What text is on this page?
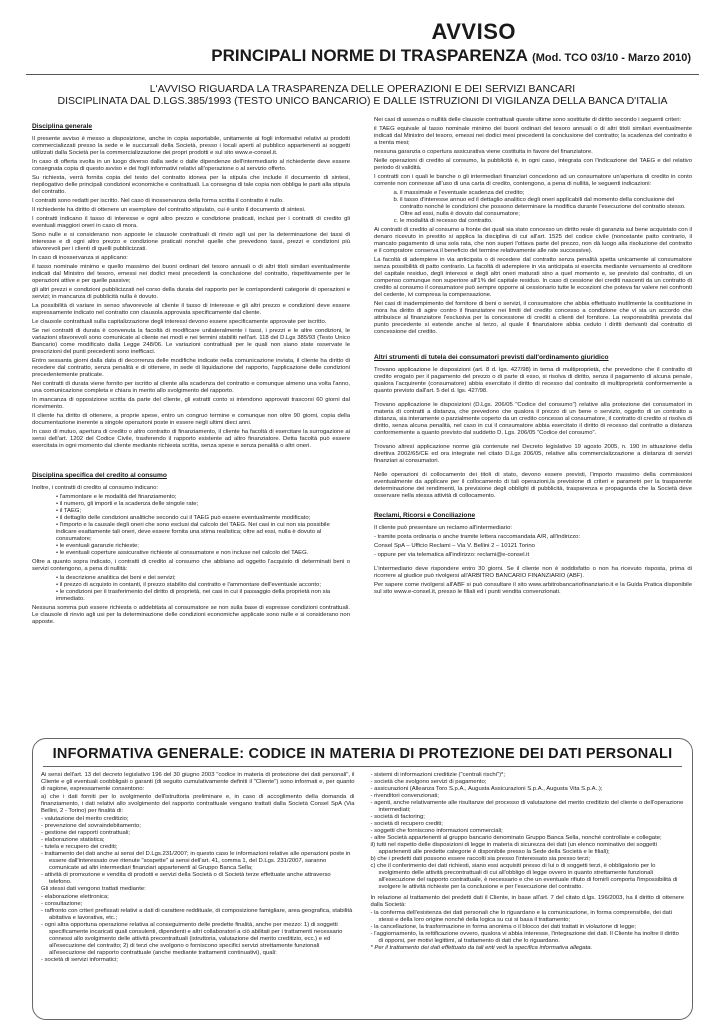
AVVISO
PRINCIPALI NORME DI TRASPARENZA (Mod. TCO 03/10 - Marzo 2010)
L'AVVISO RIGUARDA LA TRASPARENZA DELLE OPERAZIONI E DEI SERVIZI BANCARI
DISCIPLINATA DAL D.LGS.385/1993 (TESTO UNICO BANCARIO) E DALLE ISTRUZIONI DI VIGILANZA DELLA BANCA D'ITALIA
Disciplina generale

Il presente avviso è messo a disposizione, anche in copia asportabile, unitamente ai fogli informativi relativi ai prodotti commercializzati presso la sede e le succursali della Società, presso i locali aperti al pubblico appartenenti ai soggetti utilizzati dalla Società per la commercializzazione dei propri prodotti e sul sito www.e-consel.it.

In caso di offerta svolta in un luogo diverso dalla sede o dalle dipendenze dell'intermediario al richiedente deve essere consegnata copia di questo avviso e dei fogli informativi relativi all'operazione o al servizio offerto.

Su richiesta, verrà fornita copia del testo del contratto idonea per la stipula che include il documento di sintesi, riepilogativo delle principali condizioni economiche e contrattuali. La consegna di tale copia non obbliga le parti alla stipula del contratto.

I contratti sono redatti per iscritto. Nel caso di inosservanza della forma scritta il contratto è nullo.

Il richiedente ha diritto di ottenere un esemplare del contratto stipulato, cui è unito il documento di sintesi.

I contratti indicano il tasso di interesse e ogni altro prezzo e condizione praticati, inclusi per i contratti di credito gli eventuali maggiori oneri in caso di mora.

Sono nulle e si considerano non apposte le clausole contrattuali di rinvio agli usi per la determinazione dei tassi di interesse e di ogni altro prezzo e condizione praticati nonché quelle che prevedono tassi, prezzi e condizioni più sfavorevoli per i clienti di quelli pubblicizzati.

In caso di inosservanza si applicano:

il tasso nominale minimo e quello massimo dei buoni ordinari del tesoro annuali o di altri titoli similari eventualmente indicati dal Ministro del tesoro, emessi nei dodici mesi precedenti la conclusione del contratto, rispettivamente per le operazioni attive e per quelle passive;

gli altri prezzi e condizioni pubblicizzati nel corso della durata del rapporto per le corrispondenti categorie di operazioni e servizi; in mancanza di pubblicità nulla è dovuto.

La possibilità di variare in senso sfavorevole al cliente il tasso di interesse e gli altri prezzo e condizioni deve essere espressamente indicato nel contratto con clausola approvata specificamente dal cliente.

Le clausole contrattuali sulla capitalizzazione degli interessi devono essere specificamente approvate per iscritto.

Se nei contratti di durata è convenuta la facoltà di modificare unilateralmente i tassi, i prezzi e le altre condizioni, le variazioni sfavorevoli sono comunicate al cliente nei modi e nei termini stabiliti nell'art. 118 del D.Lgs 385/93 (Testo Unico Bancario) come modificato dalla Legge 248/06. Le variazioni contrattuali per le quali non siano state osservate le prescrizioni del punti precedenti sono inefficaci.

Entro sessanta giorni dalla data di decorrenza delle modifiche indicate nella comunicazione inviata, il cliente ha diritto di recedere dal contratto, senza penalità e di ottenere, in sede di liquidazione del rapporto, l'applicazione delle condizioni precedentemente praticate.

Nei contratti di durata viene fornito per iscritto al cliente alla scadenza del contratto e comunque almeno una volta l'anno, una comunicazione completa e chiara in merito allo svolgimento del rapporto.

In mancanza di opposizione scritta da parte del cliente, gli estratti conto si intendono approvati trascorsi 60 giorni dal ricevimento.

Il cliente ha diritto di ottenere, a proprie spese, entro un congruo termine e comunque non oltre 90 giorni, copia della documentazione inerente a singole operazioni poste in essere negli ultimi dieci anni.

In caso di mutuo, apertura di credito o altro contratto di finanziamento, il cliente ha facoltà di esercitare la surrogazione ai sensi dell'art. 1202 del Codice Civile, trasferendo il rapporto esistente ad altro finanziatore. Detta facoltà può essere esercitata in ogni momento dal cliente mediante richiesta scritta, senza spese e senza penalità o altri oneri.

Disciplina specifica del credito al consumo

Inoltre, i contratti di credito al consumo indicano:

• l'ammontare e le modalità del finanziamento;
• il numero, gli importi e la scadenza delle singole rate;
• il TAEG;
• il dettaglio delle condizioni analitiche secondo cui il TAEG può essere eventualmente modificato;
• l'importo e la causale degli oneri che sono esclusi dal calcolo del TAEG. Nei casi in cui non sia possibile indicare esattamente tali oneri, deve essere fornita una stima realistica; oltre ad essi, nulla è dovuto al consumatore;
• le eventuali garanzie richieste;
• le eventuali coperture assicurative richieste al consumatore e non incluse nel calcolo del TAEG.

Oltre a quanto sopra indicato, i contratti di credito al consumo che abbiano ad oggetto l'acquisto di determinati beni o servizi contengono, a pena di nullità:

• la descrizione analitica dei beni e dei servizi;
• il prezzo di acquisto in contanti, il prezzo stabilito dal contratto e l'ammontare dell'eventuale acconto;
• le condizioni per il trasferimento del diritto di proprietà, nei casi in cui il passaggio della proprietà non sia immediato.

Nessuna somma può essere richiesta o addebitata al consumatore se non sulla base di espresse condizioni contrattuali. Le clausole di rinvio agli usi per la determinazione delle condizioni economiche applicate sono nulle e si considerano non apposte.

Nei casi di assenza o nullità delle clausole contrattuali queste ultime sono sostituite di diritto secondo i seguenti criteri:

il TAEG equivale al tasso nominale minimo dei buoni ordinari del tesoro annuali o di altri titoli similari eventualmente indicati dal Ministro del tesoro, emessi nei dodici mesi precedenti la conclusione del contratto; la scadenza del contratto è a trenta mesi;

nessuna garanzia o copertura assicurativa viene costituita in favore del finanziatore.

Nelle operazioni di credito al consumo, la pubblicità è, in ogni caso, integrata con l'indicazione del TAEG e del relativo periodo di validità.

I contratti con i quali le banche o gli intermediari finanziari concedono ad un consumatore un'apertura di credito in conto corrente non connesse all'uso di una carta di credito, contengono, a pena di nullità, le seguenti indicazioni:

a. il massimale e l'eventuale scadenza del credito;
b. il tasso d'interesse annuo ed il dettaglio analitico degli oneri applicabili dal momento della conclusione del contratto nonché le condizioni che possono determinare la modifica durante l'esecuzione del contratto stesso. Oltre ad essi, nulla è dovuto dal consumatore;
c. le modalità di recesso dal contratto.

Ai contratti di credito al consumo a fronte dei quali sia stato concesso un diritto reale di garanzia sul bene acquistato con il denaro ricevuto in prestito si applica la disciplina di cui all'art. 1525 del codice civile (nonostante patto contrario, il mancato pagamento di una sola rata, che non superi l'ottava parte del prezzo, non dà luogo alla risoluzione del contratto e il compratore conserva il beneficio del termine relativamente alle rate successive).

La facoltà di adempiere in via anticipata o di recedere dal contratto senza penalità spetta unicamente al consumatore senza possibilità di patto contrario. La facoltà di adempiere in via anticipata si esercita mediante versamento al creditore del capitale residuo, degli interessi e degli altri oneri maturati sino a quel momento e, se previsto dal contratto, di un compenso comunque non superiore all'1% del capitale residuo. In caso di cessione dei crediti nascenti da un contratto di credito al consumo il consumatore può sempre opporre al cessionario tutte le eccezioni che poteva far valere nei confronti del cedente, ivi compresa la compensazione.

Nei casi di inadempimento del fornitore di beni o servizi, il consumatore che abbia effettuato inutilmente la costituzione in mora ha diritto di agire contro il finanziatore nei limiti del credito concesso a condizione che vi sia un accordo che attribuisce al finanziatore l'esclusiva per la concessione di crediti a clienti del fornitore. La responsabilità prevista dal punto precedente si estende anche al terzo, al quale il finanziatore abbia ceduto i diritti derivanti dal contratto di concessione del credito.

Altri strumenti di tutela dei consumatori previsti dall'ordinamento giuridico

Trovano applicazione le disposizioni (art. 8 d. lgs. 427/98) in tema di multiproprietà, che prevedono che il contratto di credito erogato per il pagamento del prezzo o di parte di esso, si risolva di diritto, senza il pagamento di alcuna penale, qualora l'acquirente (consumatore) abbia esercitato il diritto di recesso dal contratto di multiproprietà conformemente a quanto previsto dall'art. 5 del d. lgs. 427/98.

Trovano applicazione le disposizioni (D.Lgs. 206/05 "Codice del consumo") relative alla protezione dei consumatori in materia di contratti a distanza, che prevedono che qualora il prezzo di un bene o servizio, oggetto di un contratto a distanza, sia interamente o parzialmente coperto da un credito concesso al consumatore, il contratto di credito si risolva di diritto, senza alcuna penalità, nel caso in cui il consumatore abbia esercitato il diritto di recesso dal contratto a distanza conformemente a quanto previsto dal suddetto D. Lgs. 206/05 "Codice del consumo".

Trovano altresì applicazione norme già contenute nel Decreto legislativo 19 agosto 2005, n. 190 in attuazione della direttiva 2002/65/CE ed ora integrate nel citato D.Lgs 206/05, relative alla commercializzazione a distanza di servizi finanziari ai consumatori.

Nelle operazioni di collocamento dei titoli di stato, devono essere previsti, l'importo massimo della commissioni eventualmente da applicare per il collocamento di tali operazioni,la previsione di criteri e parametri per la trasparente determinazione dei rendimenti, la previsione degli obblighi di pubblicità, trasparenza e propaganda che la Società deve osservare nella stessa attività di collocamento.

Reclami, Ricorsi e Conciliazione

Il cliente può presentare un reclamo all'intermediario:

- tramite posta ordinaria o anche tramite lettera raccomandata A/R, all'indirizzo:

Consel SpA – Ufficio Reclami – Via V. Bellini 2 – 10121 Torino

- oppure per via telematica all'indirizzo: reclami@e-consel.it

L'intermediario deve rispondere entro 30 giorni. Se il cliente non è soddisfatto o non ha ricevuto risposta, prima di ricorrere al giudice può rivolgersi all'ARBITRO BANCARIO FINANZIARIO (ABF).

Per sapere come rivolgersi all'ABF si può consultare il sito www.arbitrobancariofinanziario.it e la Guida Pratica disponibile sul sito www.e-consel.it, presso le filiali ed i punti vendita convenzionati.

INFORMATIVA GENERALE: CODICE IN MATERIA DI PROTEZIONE DEI DATI PERSONALI

Ai sensi dell'art. 13 del decreto legislativo 196 del 30 giugno 2003 "codice in materia di protezione dei dati personali", il Cliente e gli eventuali coobbligati o garanti (di seguito cumulativamente definiti il "Cliente") sono informati e, per quanto di ragione, espressamente consentono:

a) che i dati forniti per lo svolgimento dell'istruttoria preliminare e, in caso di accoglimento della domanda di finanziamento, i dati relativi allo svolgimento del rapporto contrattuale vengano trattati dalla Società Consel SpA (Via Bellini, 2 - Torino) per finalità di:

- valutazione del merito creditizio;
- prevenzione del sovraindebitamento;
- gestione dei rapporti contrattuali;
- elaborazione statistica;
- tutela e recupero dei crediti;
- trattamento dei dati anche ai sensi del D.Lgs.231/2007; in questo caso le informazioni relative alle operazioni poste in essere dall'interessato ove ritenute "sospette" ai sensi dell'art. 41, comma 1, del D.Lgs. 231/2007, saranno comunicate ad altri intermediari finanziari appartenenti al Gruppo Banca Sella;
- attività di promozione e vendita di prodotti e servizi della Società o di Società terze effettuate anche attraverso telefono.

Gli stessi dati vengono trattati mediante:

- elaborazione elettronica;
- consultazione;
- raffronto con criteri prefissati relativi a dati di carattere reddituale, di composizione famigliare, area geografica, stabilità abitativa e lavorativa, etc.;
- ogni altra opportuna operazione relativa al conseguimento delle predette finalità, anche per mezzo: 1) di soggetti specificamente incaricati quali consulenti, dipendenti e altri collaboratori a ciò abilitati per i trattamenti necessario connessi allo svolgimento delle attività precontrattuali (istruttoria, valutazione del merito creditizio, ecc.) e ed all'esecuzione del contratto; 2) di terzi che svolgono o forniscono specifici servizi strettamente funzionali all'esecuzione del rapporto contrattuale (anche mediante trattamenti continuativi), quali:
- società di servizi informatici;
- sistemi di informazioni creditizie ("centrali rischi")*;
- società che svolgono servizi di pagamento;
- assicurazioni (Alleanza Toro S.p.A., Augusta Assicurazioni S.p.A., Augusta Vita S.p.A..);
- rivenditori convenzionati;
- agenti, anche relativamente alle risultanze del processo di valutazione del merito creditizio del cliente o dell'operazione intermediati;
- società di factoring;
- società di recupero crediti;
- soggetti che forniscono informazioni commerciali;
- altre Società appartenenti al gruppo bancario denominato Gruppo Banca Sella, nonché controllate e collegate;
il) tutti nel rispetto delle disposizioni di legge in materia di sicurezza dei dati (un elenco nominativo dei soggetti appartenenti alle predette categorie è disponibile presso la Sede della Società e le filiali);
b) che i predetti dati possono essere raccolti sia presso l'interessato sia presso terzi;
c) che il conferimento dei dati richiesti, siano essi acquisiti presso di lui o di soggetti terzi, è obbligatorio per lo svolgimento delle attività precontrattuali di cui all'obbligo di legge ovvero in quanto strettamente funzionali all'esecuzione del rapporto contrattuale, è necessario e che un eventuale rifiuto di fornirli comporta l'impossibilità di svolgere le attività richieste per la conclusione e per l'esecuzione del contratto.

In relazione al trattamento dei predetti dati il Cliente, in base all'art. 7 del citato d.lgs. 196/2003, ha il diritto di ottenere dalla Società:

- la conferma dell'esistenza dei dati personali che lo riguardano e la comunicazione, in forma comprensibile, dei dati stessi e della loro origine nonché della logica su cui si basa il trattamento;
- la cancellazione, la trasformazione in forma anonima o il blocco dei dati trattati in violazione di legge;
- l'aggiornamento, la rettificazione ovvero, qualora vi abbia interesse, l'integrazione dei dati. Il Cliente ha inoltre il diritto di opporsi, per motivi legittimi, al trattamento di dati che lo riguardano.

* Per il trattamento dei dati effettuato da tali enti vedi la specifica informativa allegata.
